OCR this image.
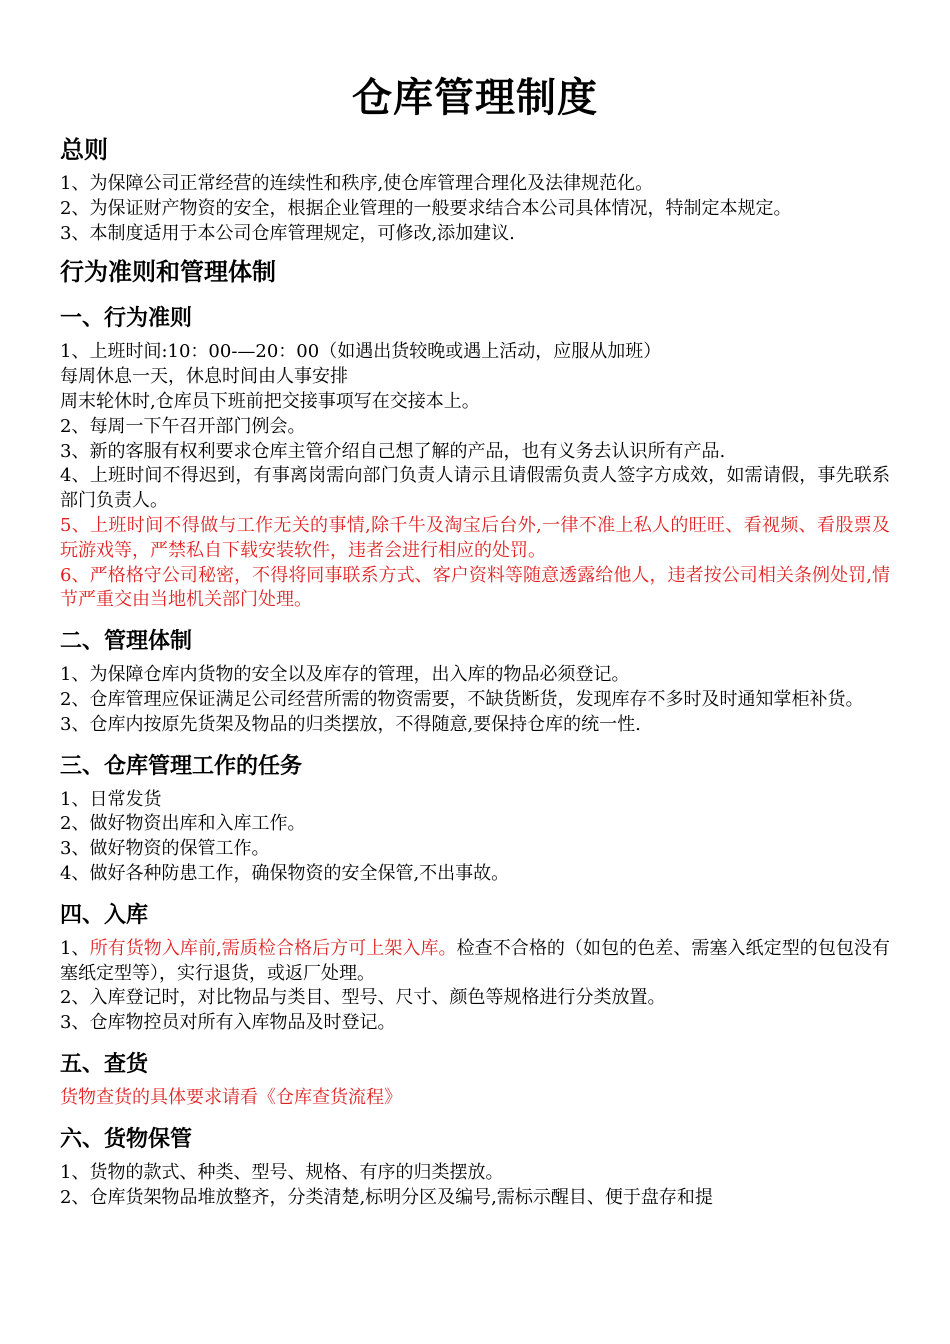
仓库管理制度
总则

1、为保障公司正常经营的连续性和秩序,使仓库管理合理化及法律规范化。

2、为保证财产物资的安全，根据企业管理的一般要求结合本公司具体情况，特制定本规定。

3、本制度适用于本公司仓库管理规定，可修改,添加建议.

行为准则和管理体制
一、行为准则

1、上班时间:10：00-—20：00（如遇出货较晚或遇上活动，应服从加班）

每周休息一天，休息时间由人事安排

周末轮休时,仓库员下班前把交接事项写在交接本上。

2、每周一下午召开部门例会。

3、新的客服有权利要求仓库主管介绍自己想了解的产品，也有义务去认识所有产品.

4、上班时间不得迟到，有事离岗需向部门负责人请示且请假需负责人签字方成效，如需请假，事先联系部门负责人。

5、上班时间不得做与工作无关的事情,除千牛及淘宝后台外,一律不准上私人的旺旺、看视频、看股票及玩游戏等，严禁私自下载安装软件，违者会进行相应的处罚。

6、严格格守公司秘密，不得将同事联系方式、客户资料等随意透露给他人，违者按公司相关条例处罚,情节严重交由当地机关部门处理。

二、管理体制

1、为保障仓库内货物的安全以及库存的管理，出入库的物品必须登记。

2、仓库管理应保证满足公司经营所需的物资需要，不缺货断货，发现库存不多时及时通知掌柜补货。

3、仓库内按原先货架及物品的归类摆放，不得随意,要保持仓库的统一性.

三、仓库管理工作的任务

1、日常发货

2、做好物资出库和入库工作。

3、做好物资的保管工作。

4、做好各种防患工作，确保物资的安全保管,不出事故。

四、入库

1、所有货物入库前,需质检合格后方可上架入库。检查不合格的（如包的色差、需塞入纸定型的包包没有塞纸定型等），实行退货，或返厂处理。

2、入库登记时，对比物品与类目、型号、尺寸、颜色等规格进行分类放置。

3、仓库物控员对所有入库物品及时登记。

五、查货

货物查货的具体要求请看《仓库查货流程》

六、货物保管

1、货物的款式、种类、型号、规格、有序的归类摆放。

2、仓库货架物品堆放整齐，分类清楚,标明分区及编号,需标示醒目、便于盘存和提
